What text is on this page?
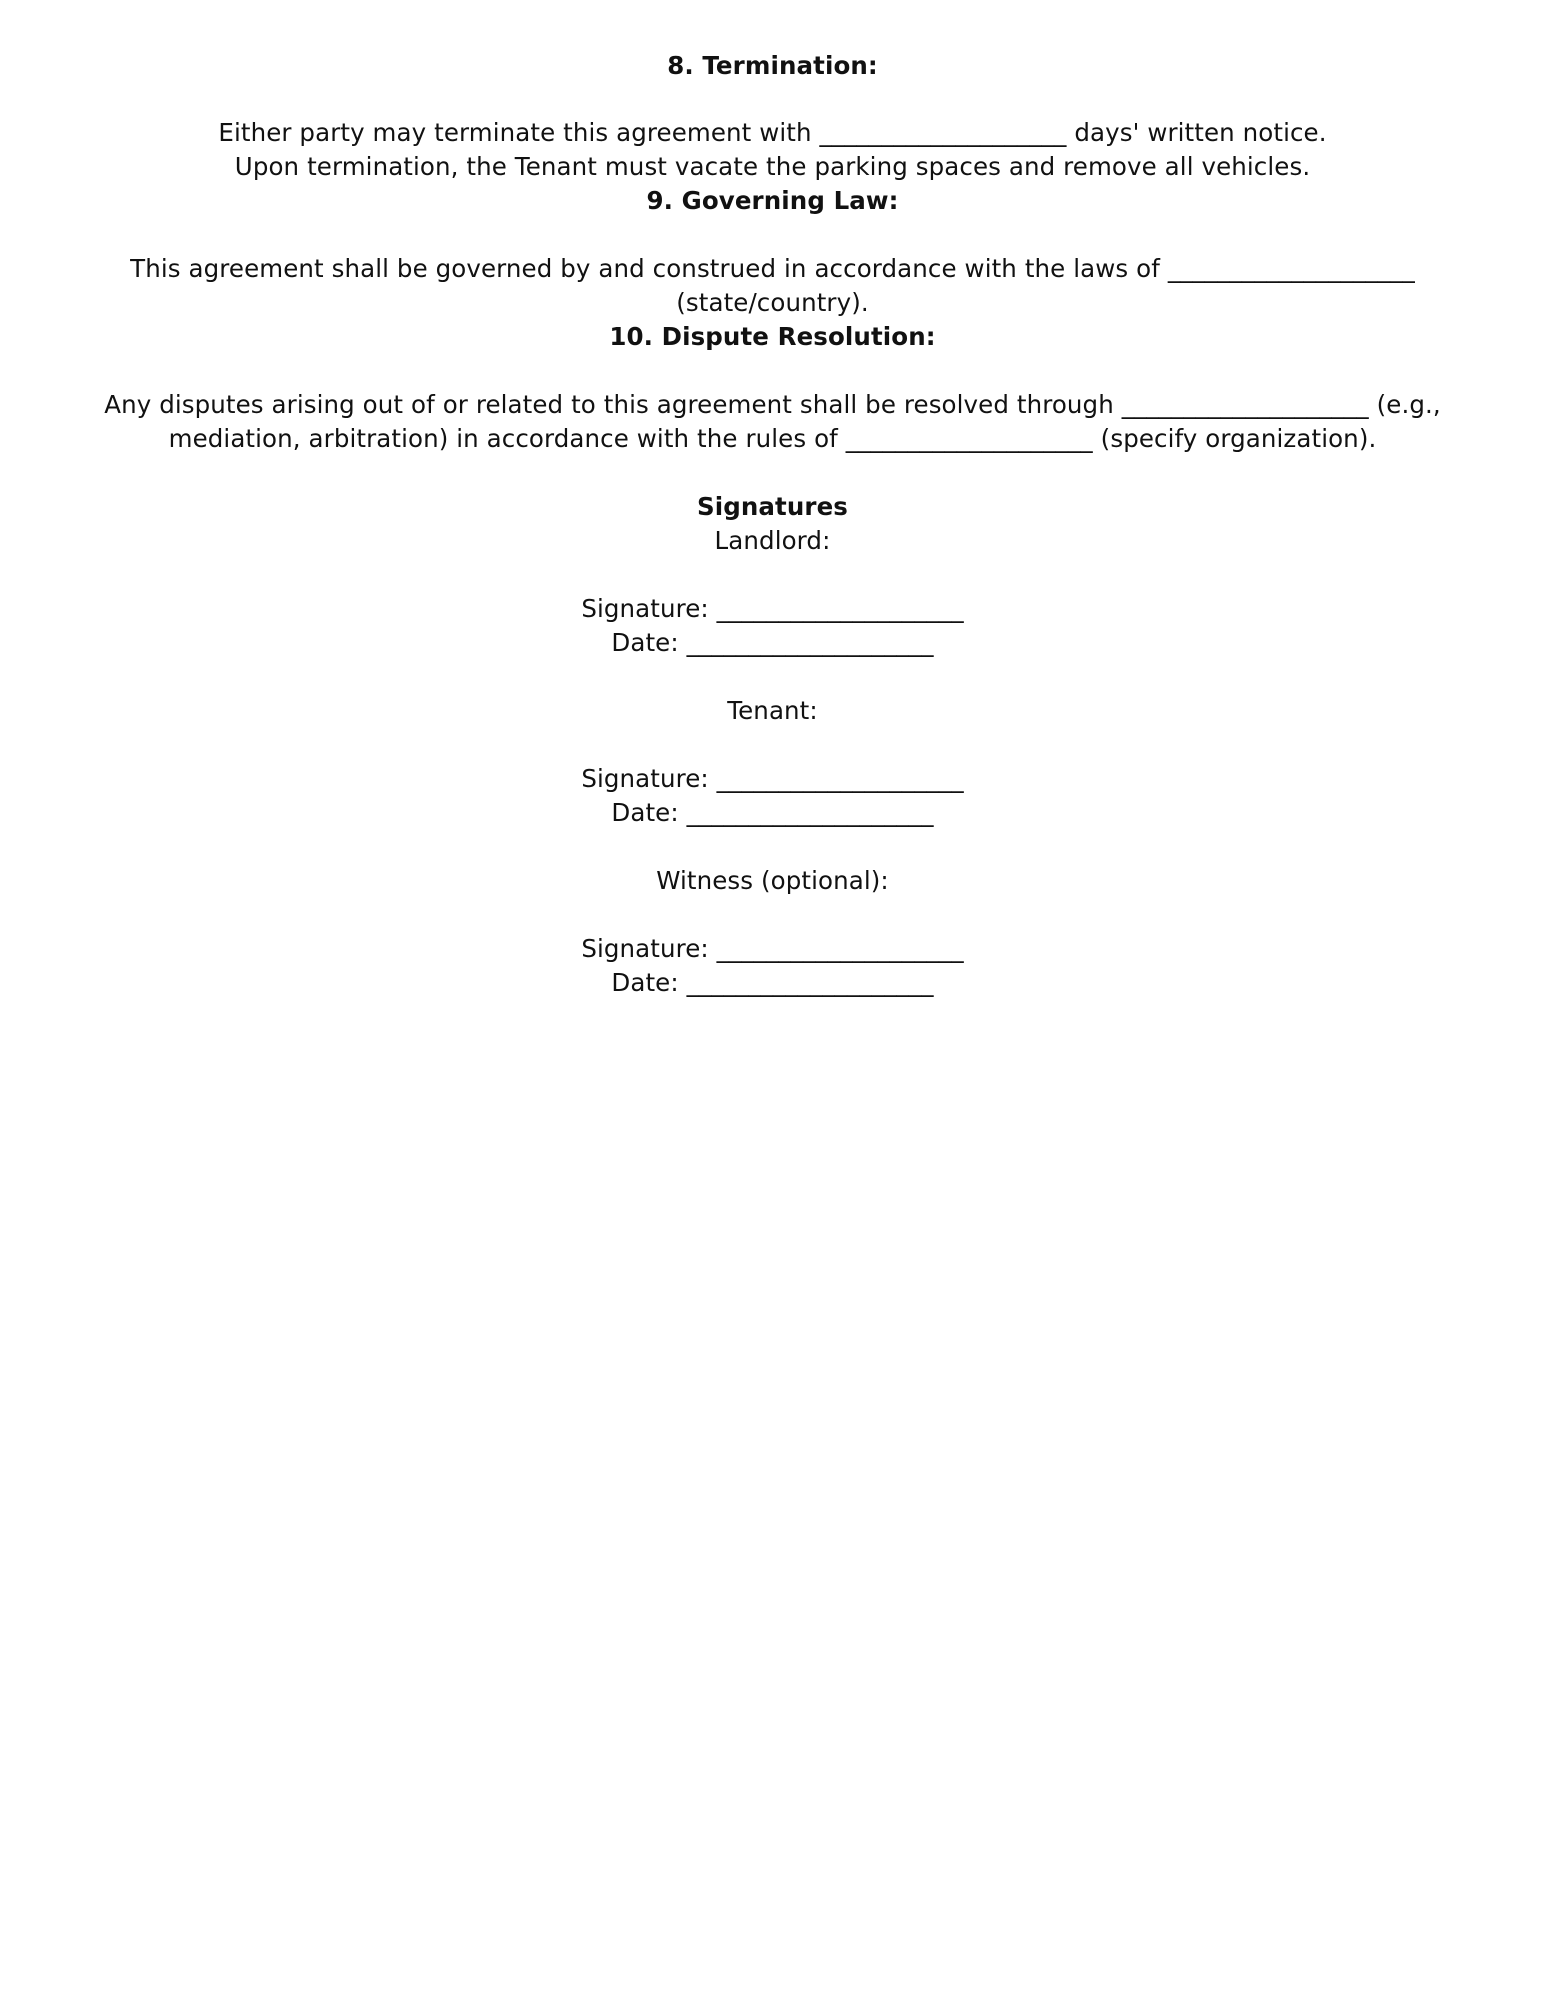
8. Termination:
Either party may terminate this agreement with ____________________ days' written notice.
Upon termination, the Tenant must vacate the parking spaces and remove all vehicles.
9. Governing Law:
This agreement shall be governed by and construed in accordance with the laws of ____________________
(state/country).
10. Dispute Resolution:
Any disputes arising out of or related to this agreement shall be resolved through ____________________ (e.g.,
mediation, arbitration) in accordance with the rules of ____________________ (specify organization).
Signatures
Landlord:
Signature: ____________________
Date: ____________________
Tenant:
Signature: ____________________
Date: ____________________
Witness (optional):
Signature: ____________________
Date: ____________________
